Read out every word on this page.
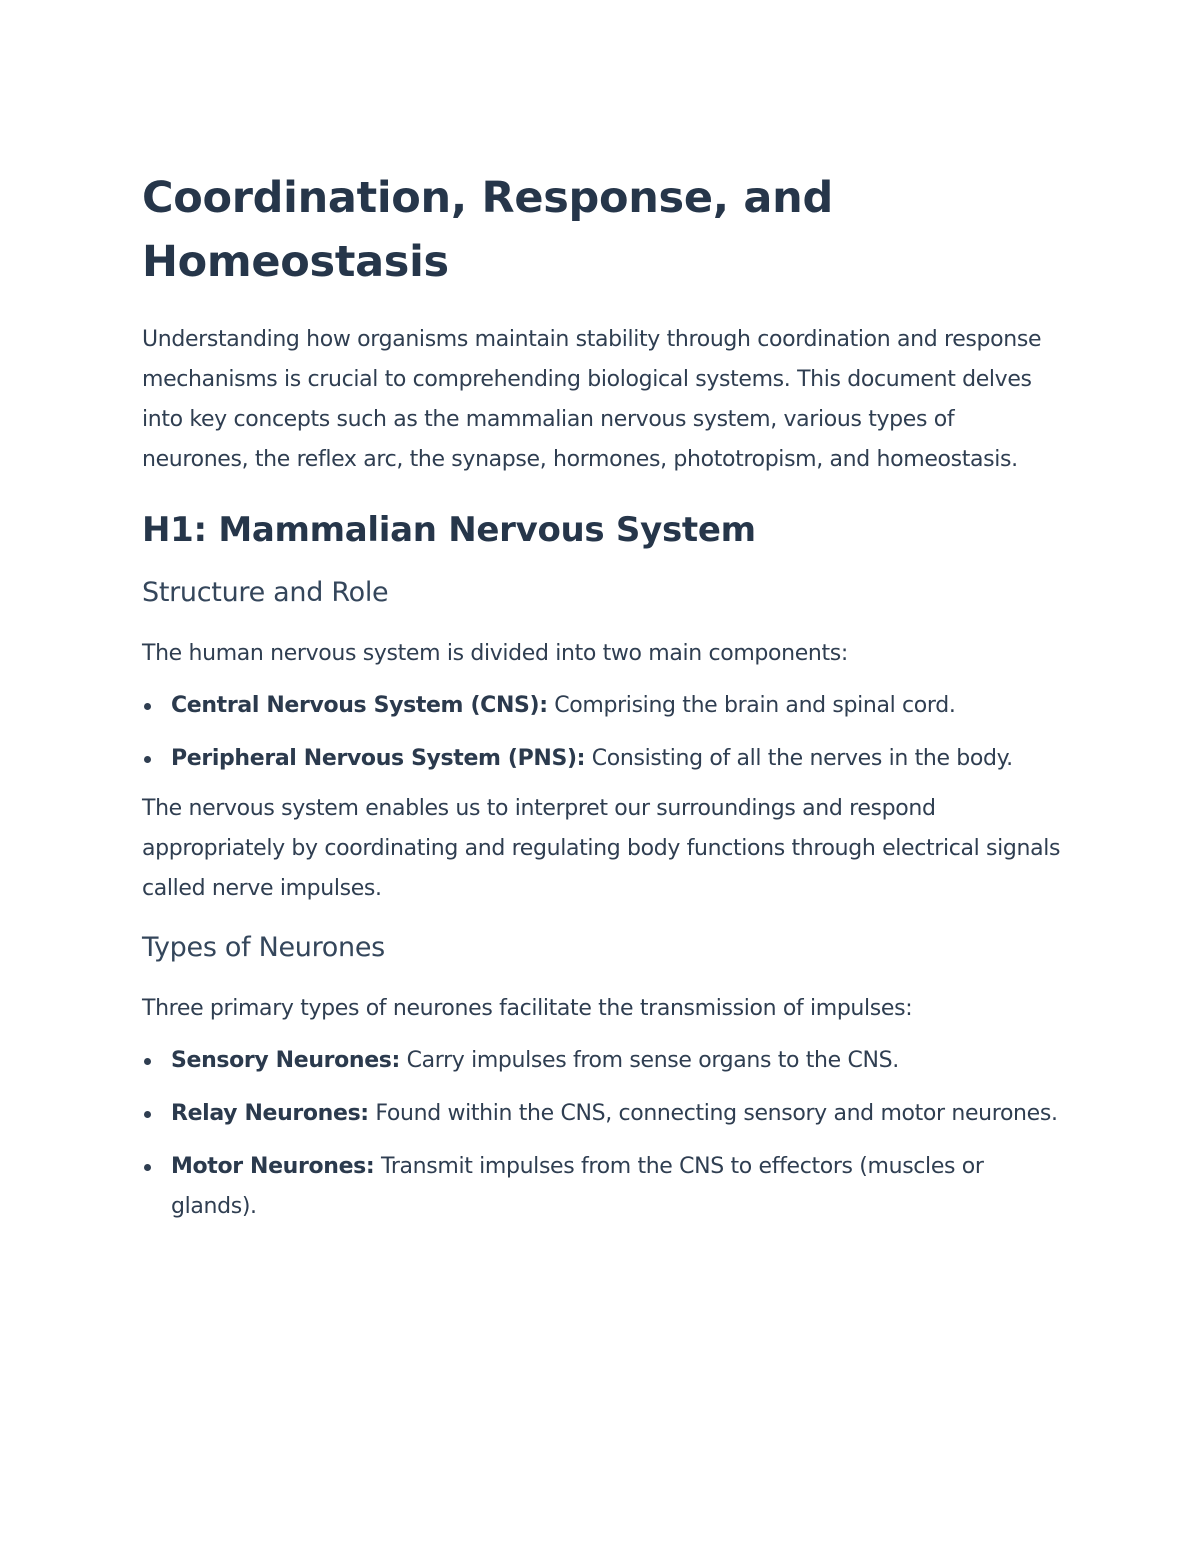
Coordination, Response, and Homeostasis

Understanding how organisms maintain stability through coordination and response mechanisms is crucial to comprehending biological systems. This document delves into key concepts such as the mammalian nervous system, various types of neurones, the reflex arc, the synapse, hormones, phototropism, and homeostasis.

H1: Mammalian Nervous System
Structure and Role

The human nervous system is divided into two main components:

Central Nervous System (CNS): Comprising the brain and spinal cord.
Peripheral Nervous System (PNS): Consisting of all the nerves in the body.

The nervous system enables us to interpret our surroundings and respond appropriately by coordinating and regulating body functions through electrical signals called nerve impulses.

Types of Neurones

Three primary types of neurones facilitate the transmission of impulses:

Sensory Neurones: Carry impulses from sense organs to the CNS.
Relay Neurones: Found within the CNS, connecting sensory and motor neurones.
Motor Neurones: Transmit impulses from the CNS to effectors (muscles or glands).
